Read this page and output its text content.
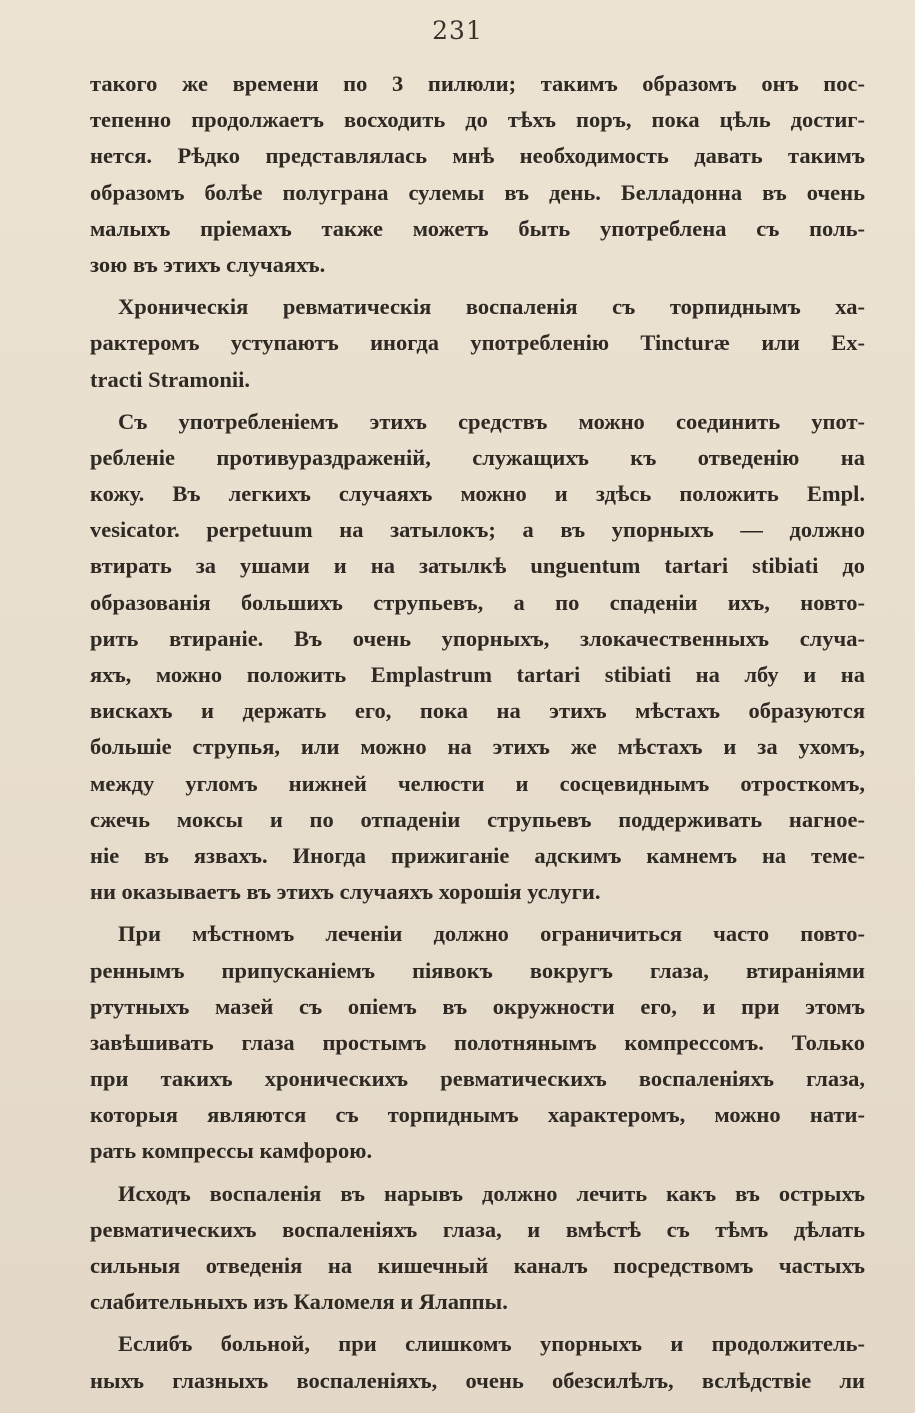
231
такого же времени по 3 пилюли; такимъ образомъ онъ пос-
тепенно продолжаетъ восходить до тѣхъ поръ, пока цѣль достиг-
нется. Рѣдко представлялась мнѣ необходимость давать такимъ
образомъ болѣе полуграна сулемы въ день. Белладонна въ очень
малыхъ пріемахъ также можетъ быть употреблена съ поль-
зою въ этихъ случаяхъ.
Хроническія ревматическія воспаленія съ торпиднымъ ха-
рактеромъ уступаютъ иногда употребленію Tincturæ или Ex-
tracti Stramonii.
Съ употребленіемъ этихъ средствъ можно соединить упот-
ребленіе противураздраженій, служащихъ къ отведенію на
кожу. Въ легкихъ случаяхъ можно и здѣсь положить Empl.
vesicator. perpetuum на затылокъ; а въ упорныхъ — должно
втирать за ушами и на затылкѣ unguentum tartari stibiati до
образованія большихъ струпьевъ, а по спаденіи ихъ, новто-
рить втираніе. Въ очень упорныхъ, злокачественныхъ случа-
яхъ, можно положить Emplastrum tartari stibiati на лбу и на
вискахъ и держать его, пока на этихъ мѣстахъ образуются
большіе струпья, или можно на этихъ же мѣстахъ и за ухомъ,
между угломъ нижней челюсти и сосцевиднымъ отросткомъ,
сжечь моксы и по отпаденіи струпьевъ поддерживать нагное-
ніе въ язвахъ. Иногда прижиганіе адскимъ камнемъ на теме-
ни оказываетъ въ этихъ случаяхъ хорошія услуги.
При мѣстномъ леченіи должно ограничиться часто повто-
реннымъ припусканіемъ піявокъ вокругъ глаза, втираніями
ртутныхъ мазей съ опіемъ въ окружности его, и при этомъ
завѣшивать глаза простымъ полотнянымъ компрессомъ. Только
при такихъ хроническихъ ревматическихъ воспаленіяхъ глаза,
которыя являются съ торпиднымъ характеромъ, можно нати-
рать компрессы камфорою.
Исходъ воспаленія въ нарывъ должно лечить какъ въ острыхъ
ревматическихъ воспаленіяхъ глаза, и вмѣстѣ съ тѣмъ дѣлать
сильныя отведенія на кишечный каналъ посредствомъ частыхъ
слабительныхъ изъ Каломеля и Ялаппы.
Еслибъ больной, при слишкомъ упорныхъ и продолжитель-
ныхъ глазныхъ воспаленіяхъ, очень обезсилѣлъ, вслѣдствіе ли
